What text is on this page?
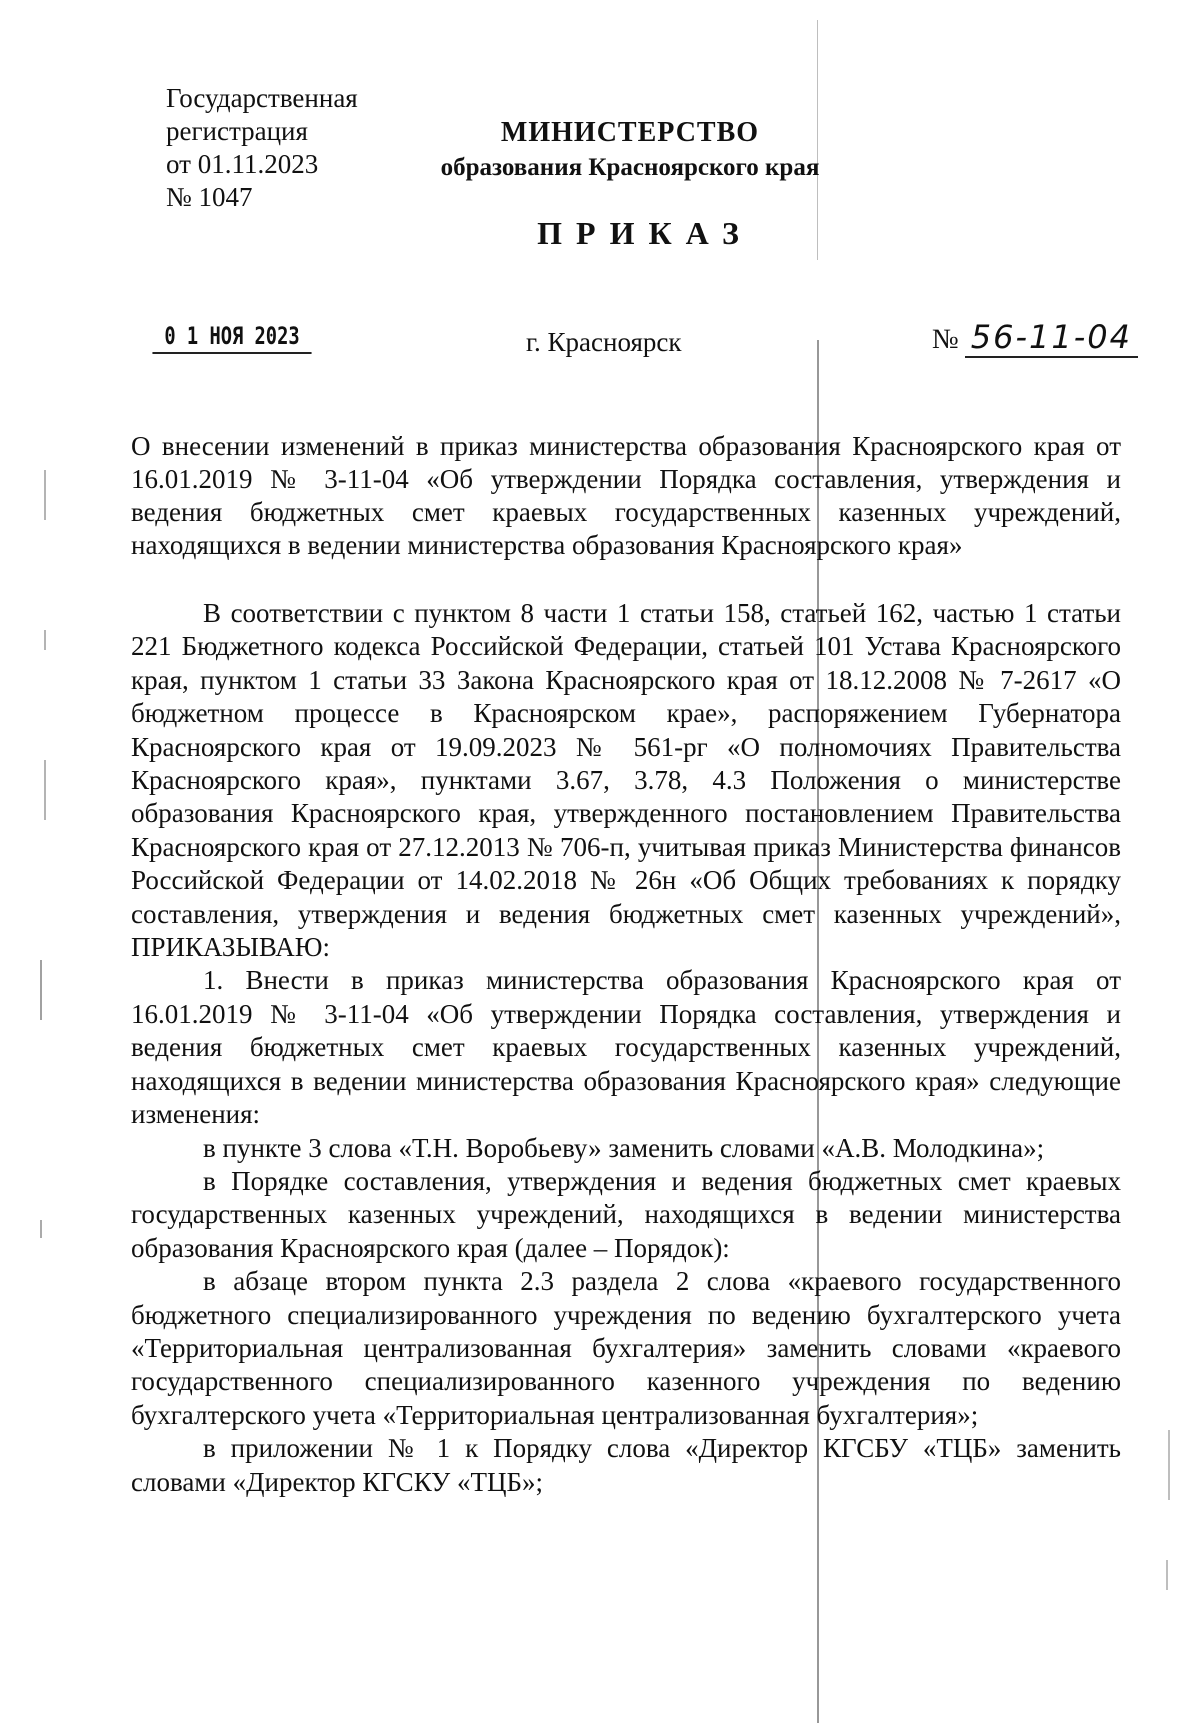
Государственная
регистрация
от 01.11.2023
№ 1047
МИНИСТЕРСТВО
образования Красноярского края
ПРИКАЗ
0 1 НОЯ 2023	г. Красноярск	№ 56-11-04
О внесении изменений в приказ министерства образования Красноярского края от 16.01.2019 № 3-11-04 «Об утверждении Порядка составления, утверждения и ведения бюджетных смет краевых государственных казенных учреждений, находящихся в ведении министерства образования Красноярского края»

В соответствии с пунктом 8 части 1 статьи 158, статьей 162, частью 1 статьи 221 Бюджетного кодекса Российской Федерации, статьей 101 Устава Красноярского края, пунктом 1 статьи 33 Закона Красноярского края от 18.12.2008 № 7-2617 «О бюджетном процессе в Красноярском крае», распоряжением Губернатора Красноярского края от 19.09.2023 № 561-рг «О полномочиях Правительства Красноярского края», пунктами 3.67, 3.78, 4.3 Положения о министерстве образования Красноярского края, утвержденного постановлением Правительства Красноярского края от 27.12.2013 № 706-п, учитывая приказ Министерства финансов Российской Федерации от 14.02.2018 № 26н «Об Общих требованиях к порядку составления, утверждения и ведения бюджетных смет казенных учреждений», ПРИКАЗЫВАЮ:

1. Внести в приказ министерства образования Красноярского края от 16.01.2019 № 3-11-04 «Об утверждении Порядка составления, утверждения и ведения бюджетных смет краевых государственных казенных учреждений, находящихся в ведении министерства образования Красноярского края» следующие изменения:

в пункте 3 слова «Т.Н. Воробьеву» заменить словами «А.В. Молодкина»;

в Порядке составления, утверждения и ведения бюджетных смет краевых государственных казенных учреждений, находящихся в ведении министерства образования Красноярского края (далее – Порядок):

в абзаце втором пункта 2.3 раздела 2 слова «краевого государственного бюджетного специализированного учреждения по ведению бухгалтерского учета «Территориальная централизованная бухгалтерия» заменить словами «краевого государственного специализированного казенного учреждения по ведению бухгалтерского учета «Территориальная централизованная бухгалтерия»;

в приложении № 1 к Порядку слова «Директор КГСБУ «ТЦБ» заменить словами «Директор КГСКУ «ТЦБ»;
